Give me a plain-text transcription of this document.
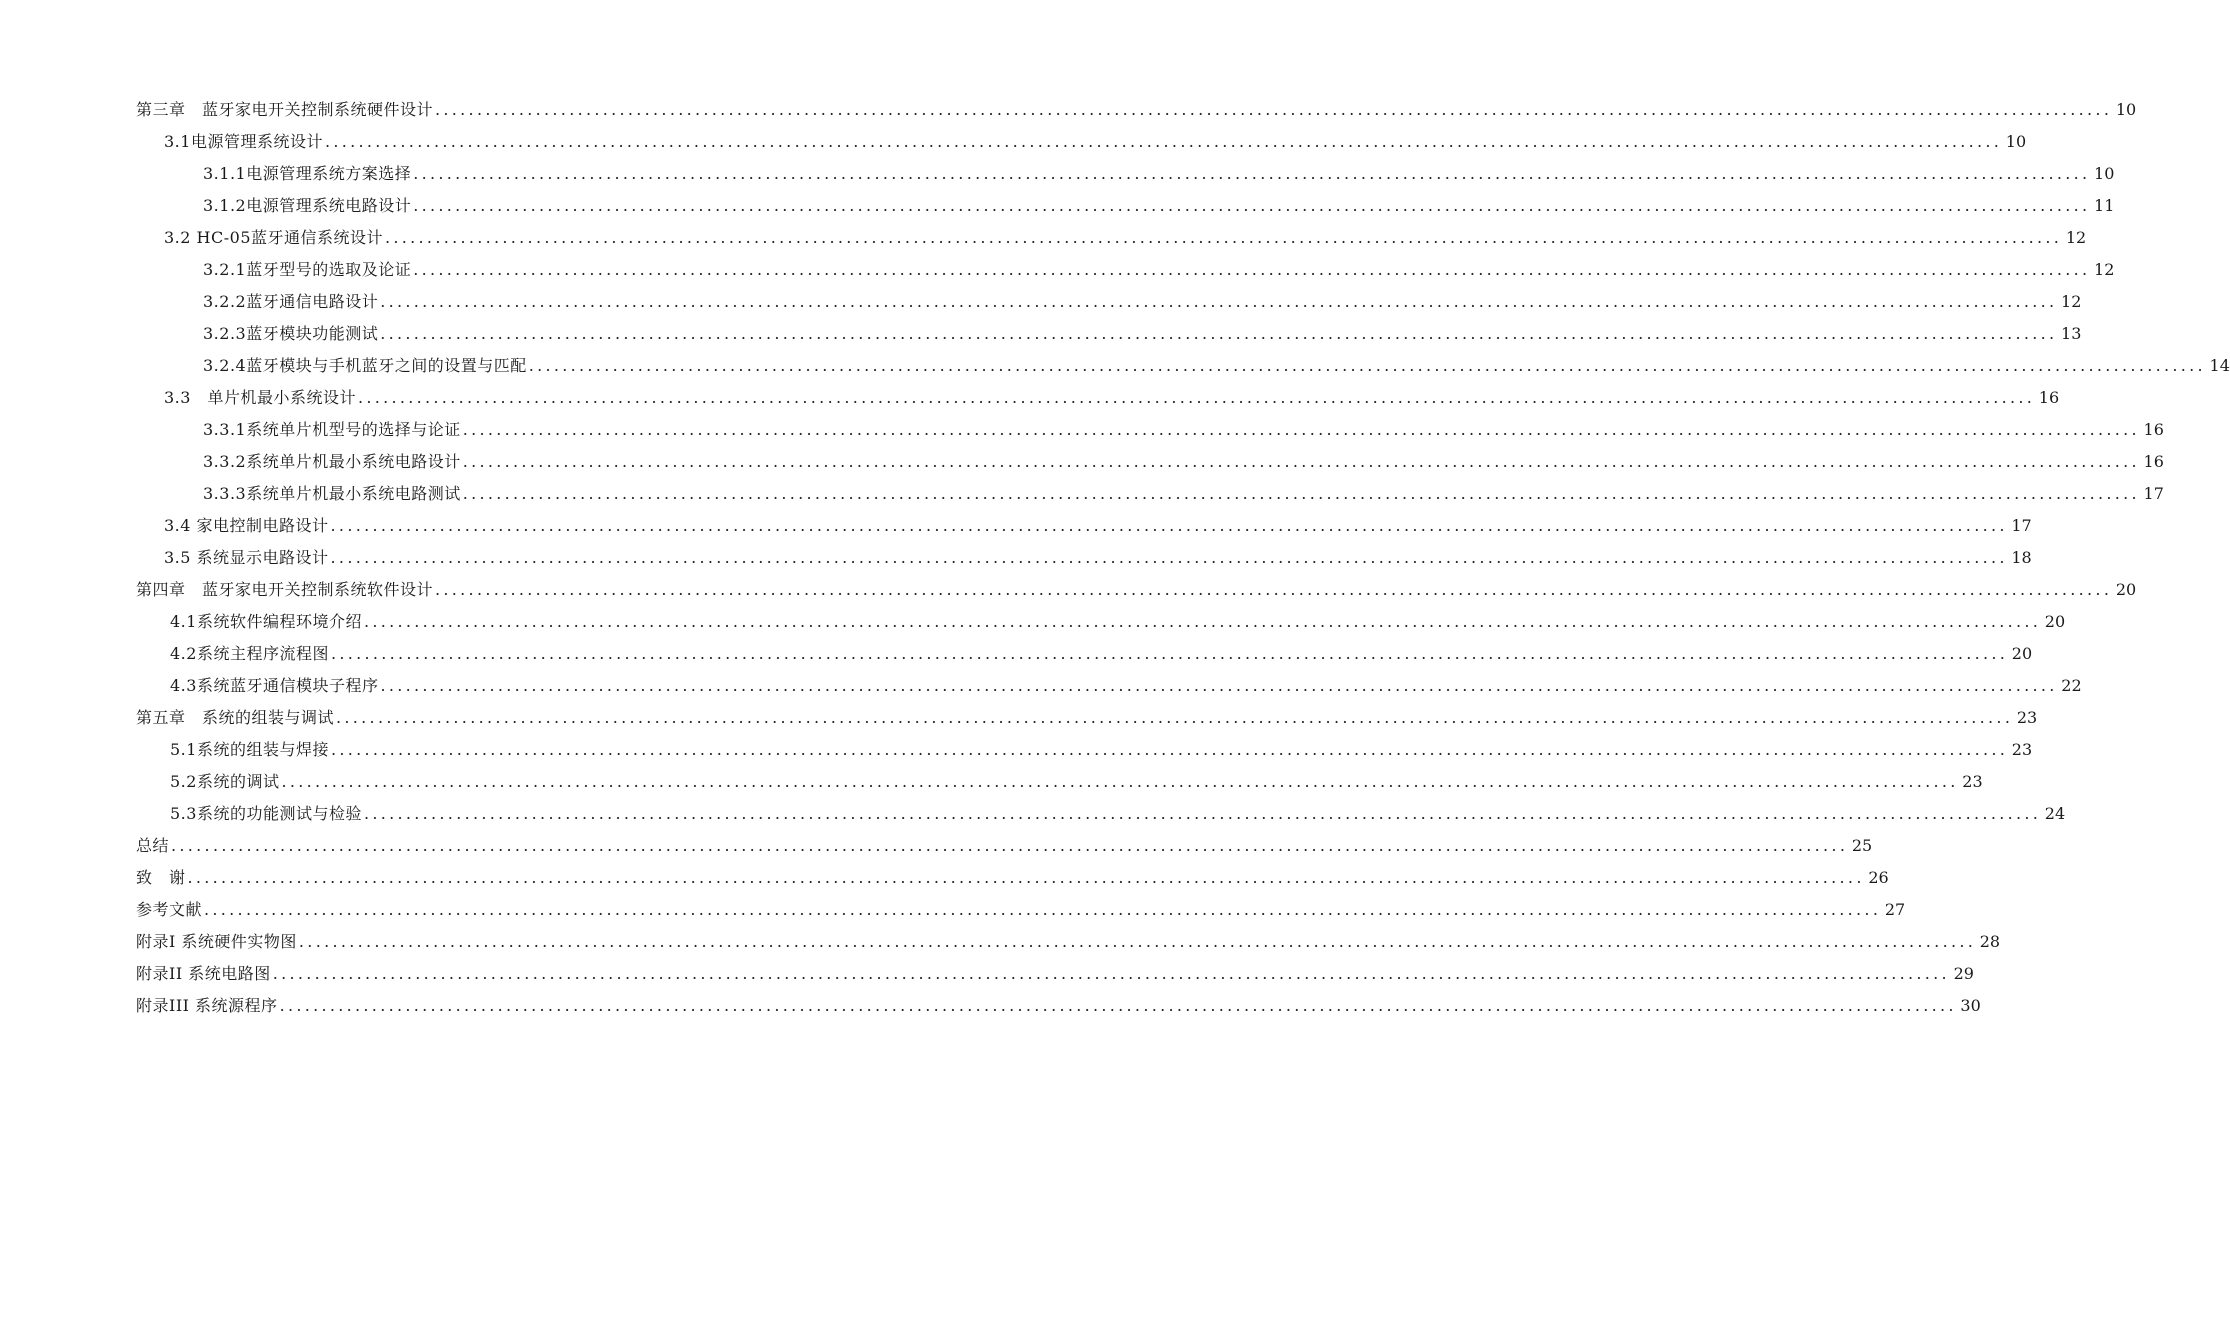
第三章　蓝牙家电开关控制系统硬件设计 ........................................................................................................................................................................................................ 10
3.1电源管理系统设计 ........................................................................................................................................................................................................ 10
3.1.1电源管理系统方案选择 ........................................................................................................................................................................................................ 10
3.1.2电源管理系统电路设计 ........................................................................................................................................................................................................ 11
3.2 HC-05蓝牙通信系统设计 ........................................................................................................................................................................................................ 12
3.2.1蓝牙型号的选取及论证 ........................................................................................................................................................................................................ 12
3.2.2蓝牙通信电路设计 ........................................................................................................................................................................................................ 12
3.2.3蓝牙模块功能测试 ........................................................................................................................................................................................................ 13
3.2.4蓝牙模块与手机蓝牙之间的设置与匹配 ........................................................................................................................................................................................................ 14
3.3　单片机最小系统设计 ........................................................................................................................................................................................................ 16
3.3.1系统单片机型号的选择与论证 ........................................................................................................................................................................................................ 16
3.3.2系统单片机最小系统电路设计 ........................................................................................................................................................................................................ 16
3.3.3系统单片机最小系统电路测试 ........................................................................................................................................................................................................ 17
3.4 家电控制电路设计 ........................................................................................................................................................................................................ 17
3.5 系统显示电路设计 ........................................................................................................................................................................................................ 18
第四章　蓝牙家电开关控制系统软件设计 ........................................................................................................................................................................................................ 20
4.1系统软件编程环境介绍 ........................................................................................................................................................................................................ 20
4.2系统主程序流程图 ........................................................................................................................................................................................................ 20
4.3系统蓝牙通信模块子程序 ........................................................................................................................................................................................................ 22
第五章　系统的组装与调试 ........................................................................................................................................................................................................ 23
5.1系统的组装与焊接 ........................................................................................................................................................................................................ 23
5.2系统的调试 ........................................................................................................................................................................................................ 23
5.3系统的功能测试与检验 ........................................................................................................................................................................................................ 24
总结 ........................................................................................................................................................................................................ 25
致　谢 ........................................................................................................................................................................................................ 26
参考文献 ........................................................................................................................................................................................................ 27
附录I 系统硬件实物图 ........................................................................................................................................................................................................ 28
附录II 系统电路图 ........................................................................................................................................................................................................ 29
附录III 系统源程序 ........................................................................................................................................................................................................ 30
